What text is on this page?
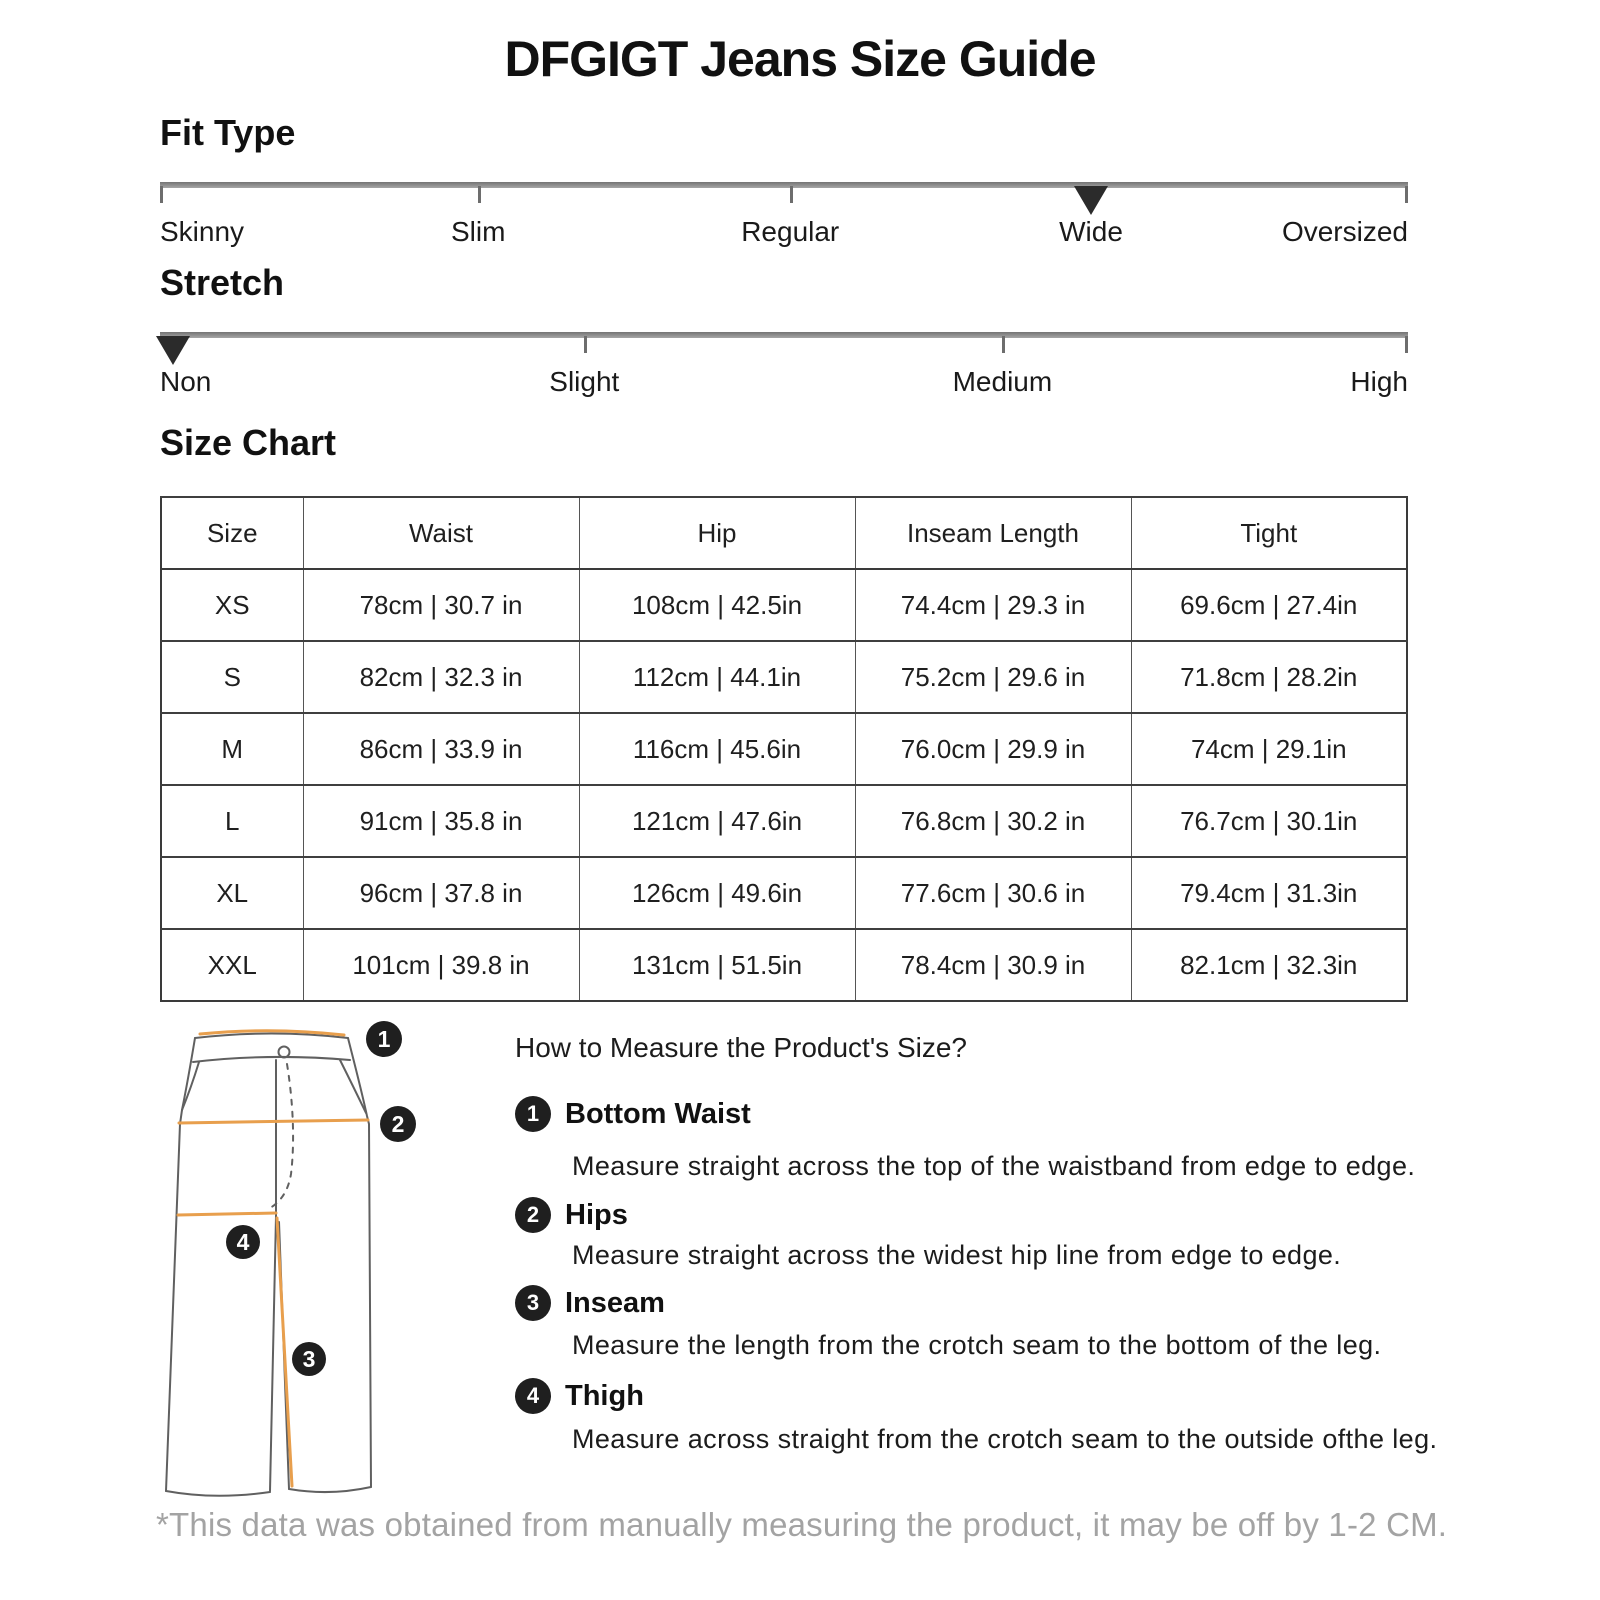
DFGIGT Jeans Size Guide
Fit Type
Skinny	Slim	Regular	Wide	Oversized
Stretch
Non	Slight	Medium	High
Size Chart
Size	Waist	Hip	Inseam Length	Tight
XS	78cm | 30.7 in	108cm | 42.5in	74.4cm | 29.3 in	69.6cm | 27.4in
S	82cm | 32.3 in	112cm | 44.1in	75.2cm | 29.6 in	71.8cm | 28.2in
M	86cm | 33.9 in	116cm | 45.6in	76.0cm | 29.9 in	74cm | 29.1in
L	91cm | 35.8 in	121cm | 47.6in	76.8cm | 30.2 in	76.7cm | 30.1in
XL	96cm | 37.8 in	126cm | 49.6in	77.6cm | 30.6 in	79.4cm | 31.3in
XXL	101cm | 39.8 in	131cm | 51.5in	78.4cm | 30.9 in	82.1cm | 32.3in
1
2
4
3
How to Measure the Product's Size?
1 Bottom Waist
Measure straight across the top of the waistband from edge to edge.
2 Hips
Measure straight across the widest hip line from edge to edge.
3 Inseam
Measure the length from the crotch seam to the bottom of the leg.
4 Thigh
Measure across straight from the crotch seam to the outside ofthe leg.
*This data was obtained from manually measuring the product, it may be off by 1-2 CM.
